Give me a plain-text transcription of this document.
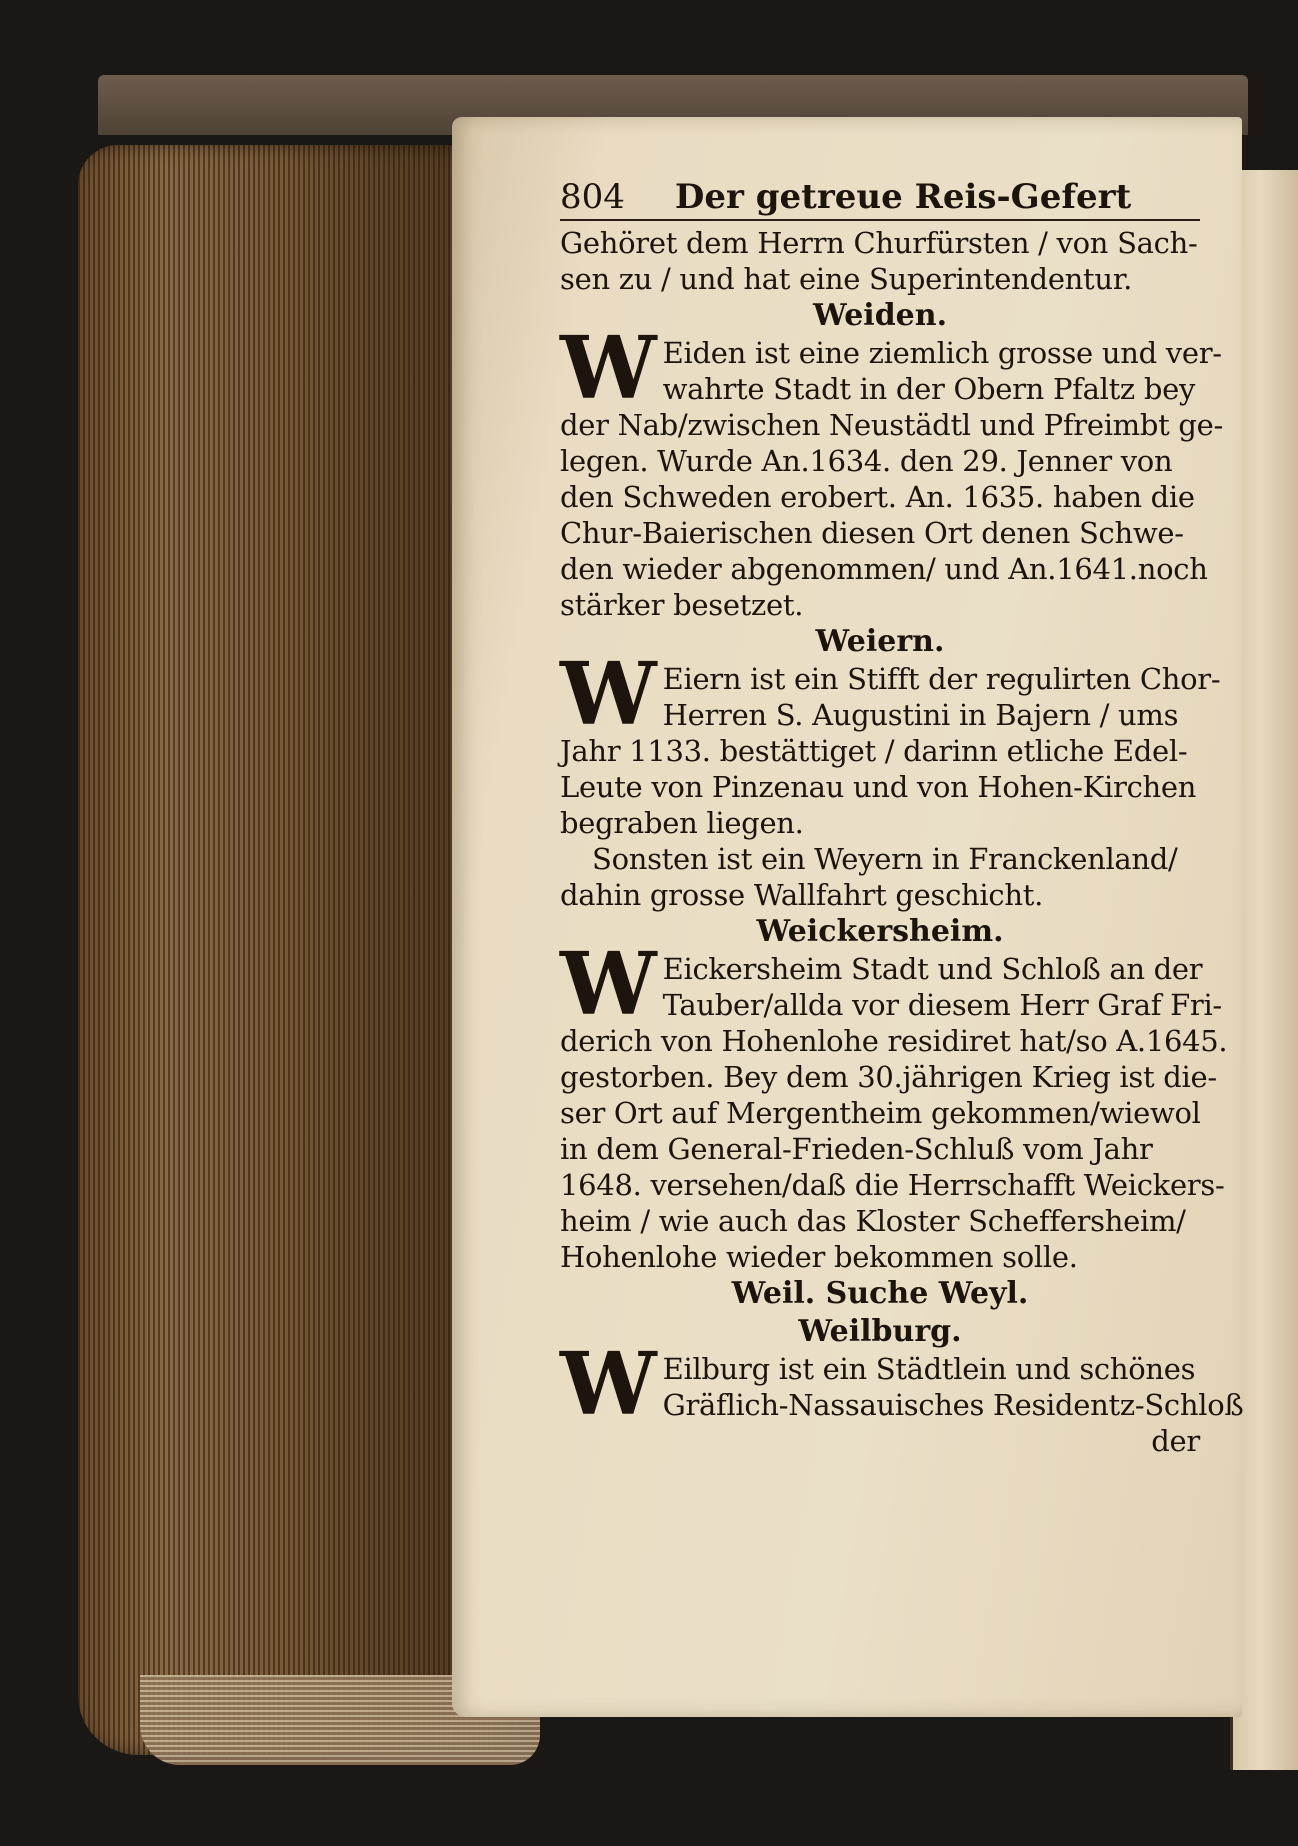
804 Der getreue Reis-Gefert
Gehöret dem Herrn Churfürsten / von Sach-
sen zu / und hat eine Superintendentur.
Weiden.
W Eiden ist eine ziemlich grosse und ver-
wahrte Stadt in der Obern Pfaltz bey
der Nab/zwischen Neustädtl und Pfreimbt ge-
legen. Wurde An.1634. den 29. Jenner von
den Schweden erobert. An. 1635. haben die
Chur-Baierischen diesen Ort denen Schwe-
den wieder abgenommen/ und An.1641.noch
stärker besetzet.
Weiern.
W Eiern ist ein Stifft der regulirten Chor-
Herren S. Augustini in Bajern / ums
Jahr 1133. bestättiget / darinn etliche Edel-
Leute von Pinzenau und von Hohen-Kirchen
begraben liegen.
Sonsten ist ein Weyern in Franckenland/
dahin grosse Wallfahrt geschicht.
Weickersheim.
W Eickersheim Stadt und Schloß an der
Tauber/allda vor diesem Herr Graf Fri-
derich von Hohenlohe residiret hat/so A.1645.
gestorben. Bey dem 30.jährigen Krieg ist die-
ser Ort auf Mergentheim gekommen/wiewol
in dem General-Frieden-Schluß vom Jahr
1648. versehen/daß die Herrschafft Weickers-
heim / wie auch das Kloster Scheffersheim/
Hohenlohe wieder bekommen solle.
Weil. Suche Weyl.
Weilburg.
W Eilburg ist ein Städtlein und schönes
Gräflich-Nassauisches Residentz-Schloß
der
